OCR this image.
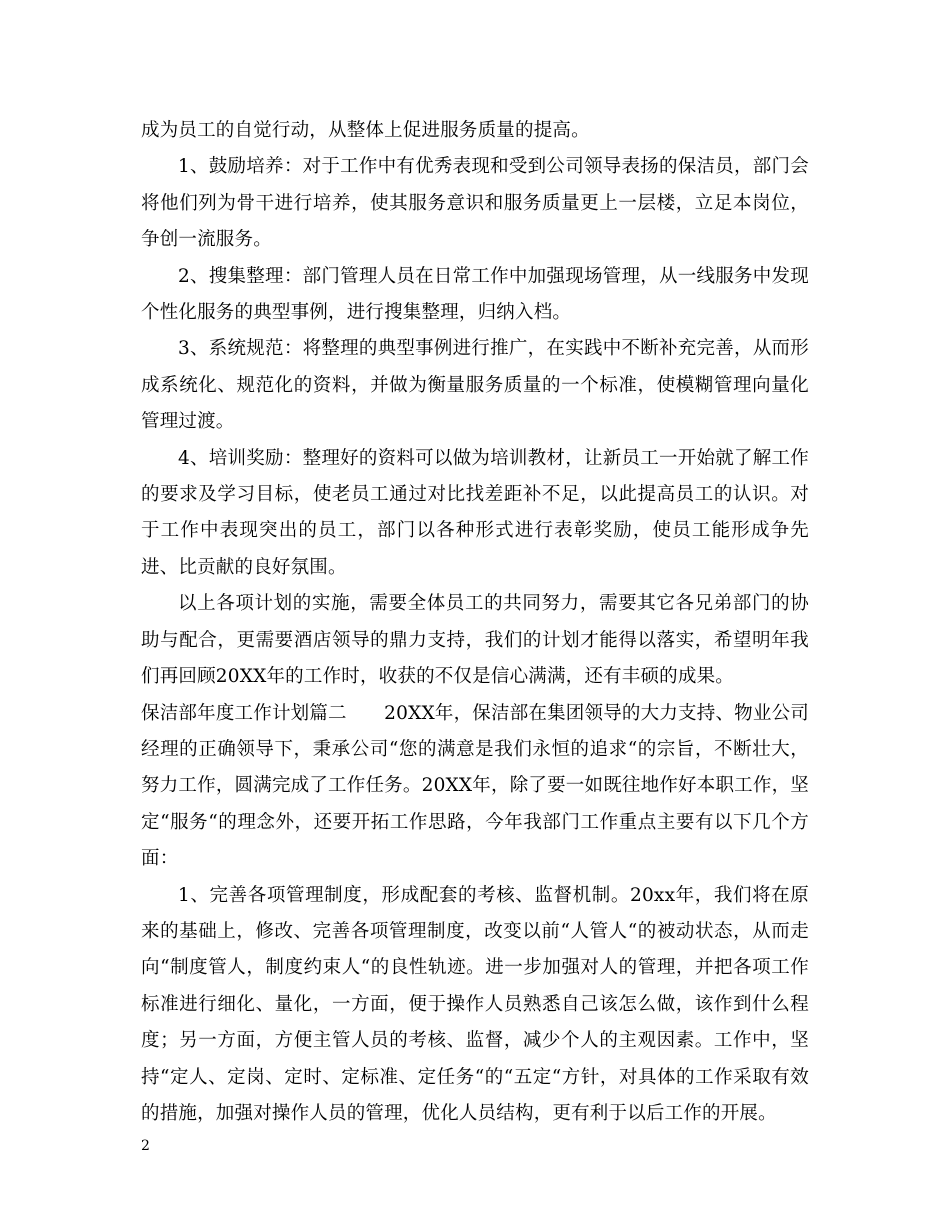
成为员工的自觉行动，从整体上促进服务质量的提高。

1、鼓励培养：对于工作中有优秀表现和受到公司领导表扬的保洁员，部门会将他们列为骨干进行培养，使其服务意识和服务质量更上一层楼，立足本岗位，争创一流服务。

2、搜集整理：部门管理人员在日常工作中加强现场管理，从一线服务中发现个性化服务的典型事例，进行搜集整理，归纳入档。

3、系统规范：将整理的典型事例进行推广，在实践中不断补充完善，从而形成系统化、规范化的资料，并做为衡量服务质量的一个标准，使模糊管理向量化管理过渡。

4、培训奖励：整理好的资料可以做为培训教材，让新员工一开始就了解工作的要求及学习目标，使老员工通过对比找差距补不足，以此提高员工的认识。对于工作中表现突出的员工，部门以各种形式进行表彰奖励，使员工能形成争先进、比贡献的良好氛围。

以上各项计划的实施，需要全体员工的共同努力，需要其它各兄弟部门的协助与配合，更需要酒店领导的鼎力支持，我们的计划才能得以落实，希望明年我们再回顾20XX年的工作时，收获的不仅是信心满满，还有丰硕的成果。

保洁部年度工作计划篇二　　20XX年，保洁部在集团领导的大力支持、物业公司经理的正确领导下，秉承公司“您的满意是我们永恒的追求“的宗旨，不断壮大，努力工作，圆满完成了工作任务。20XX年，除了要一如既往地作好本职工作，坚定“服务“的理念外，还要开拓工作思路，今年我部门工作重点主要有以下几个方面：

1、完善各项管理制度，形成配套的考核、监督机制。20xx年，我们将在原来的基础上，修改、完善各项管理制度，改变以前“人管人“的被动状态，从而走向“制度管人，制度约束人“的良性轨迹。进一步加强对人的管理，并把各项工作标准进行细化、量化，一方面，便于操作人员熟悉自己该怎么做，该作到什么程度；另一方面，方便主管人员的考核、监督，减少个人的主观因素。工作中，坚持“定人、定岗、定时、定标准、定任务“的“五定“方针，对具体的工作采取有效的措施，加强对操作人员的管理，优化人员结构，更有利于以后工作的开展。

2
